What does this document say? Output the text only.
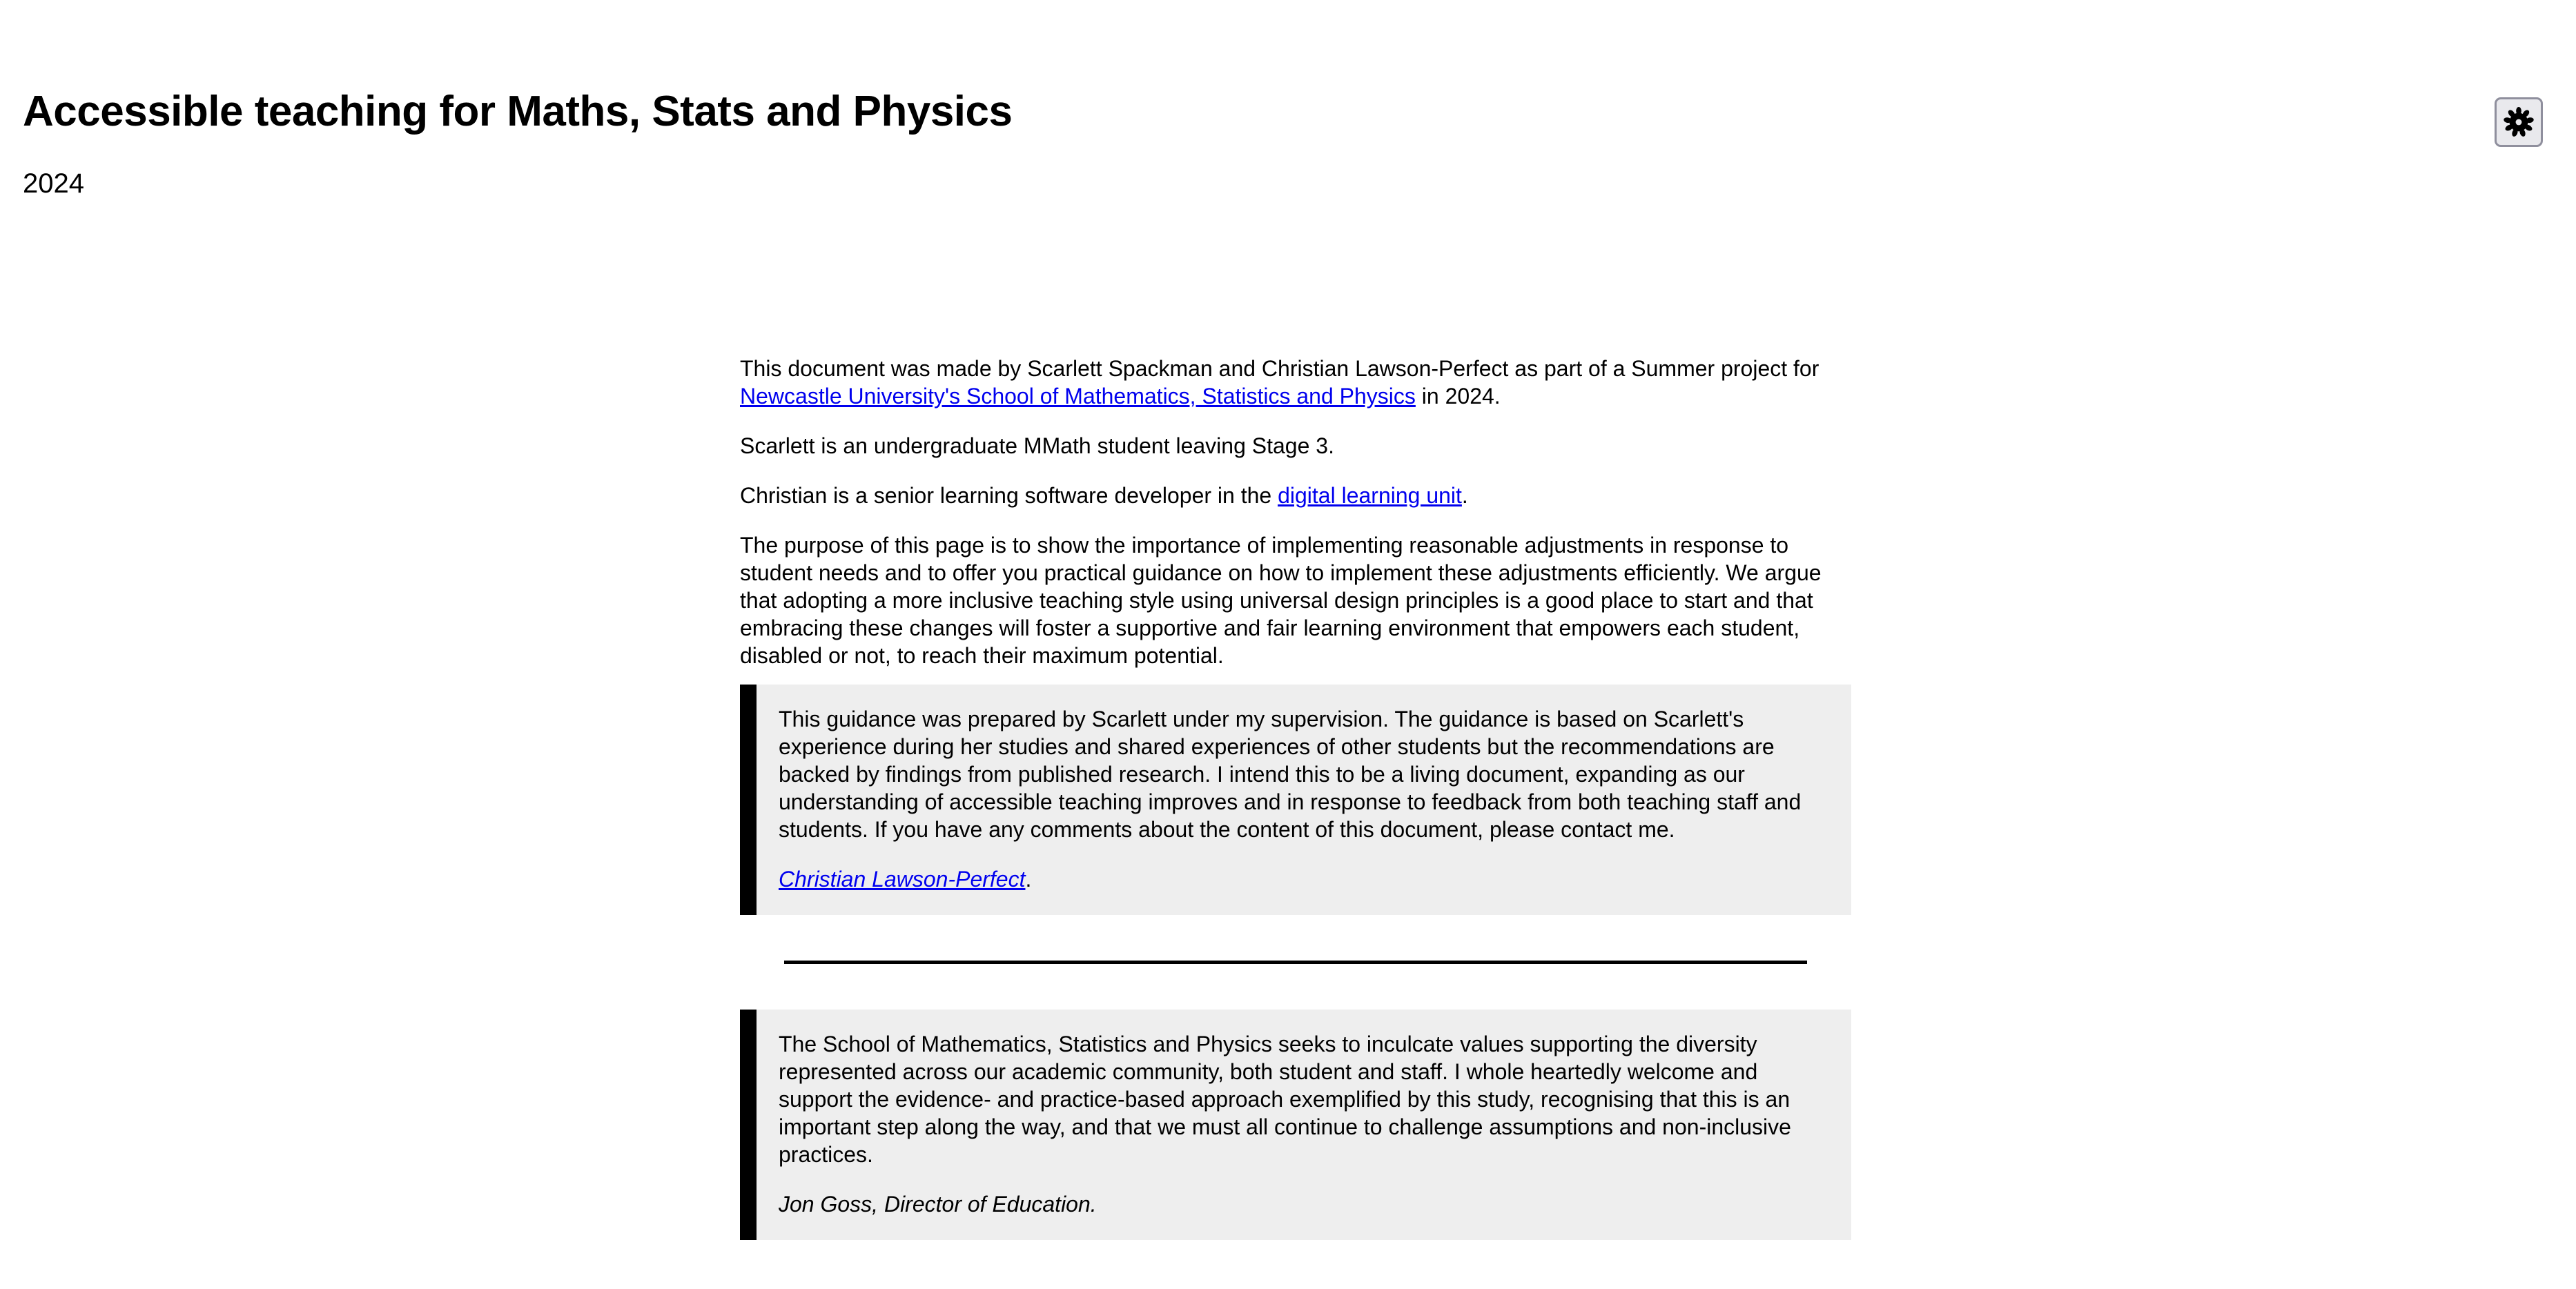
Accessible teaching for Maths, Stats and Physics

2024

This document was made by Scarlett Spackman and Christian Lawson-Perfect as part of a Summer project for Newcastle University's School of Mathematics, Statistics and Physics in 2024.

Scarlett is an undergraduate MMath student leaving Stage 3.

Christian is a senior learning software developer in the digital learning unit.

The purpose of this page is to show the importance of implementing reasonable adjustments in response to student needs and to offer you practical guidance on how to implement these adjustments efficiently. We argue that adopting a more inclusive teaching style using universal design principles is a good place to start and that embracing these changes will foster a supportive and fair learning environment that empowers each student, disabled or not, to reach their maximum potential.

This guidance was prepared by Scarlett under my supervision. The guidance is based on Scarlett's experience during her studies and shared experiences of other students but the recommendations are backed by findings from published research. I intend this to be a living document, expanding as our understanding of accessible teaching improves and in response to feedback from both teaching staff and students. If you have any comments about the content of this document, please contact me.

Christian Lawson-Perfect.

The School of Mathematics, Statistics and Physics seeks to inculcate values supporting the diversity represented across our academic community, both student and staff. I whole heartedly welcome and support the evidence- and practice-based approach exemplified by this study, recognising that this is an important step along the way, and that we must all continue to challenge assumptions and non-inclusive practices.

Jon Goss, Director of Education.
